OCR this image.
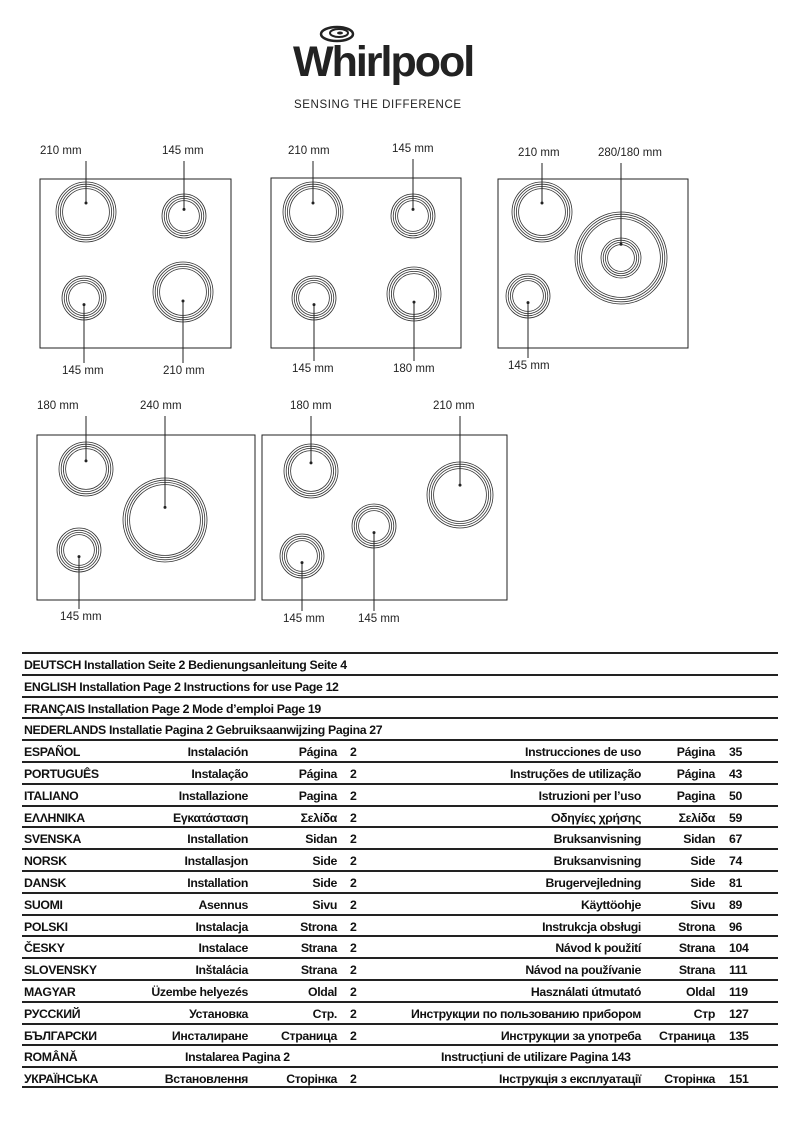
Whirlpool
SENSING THE DIFFERENCE
210 mm	145 mm
145 mm	210 mm
210 mm	145 mm
145 mm	180 mm
210 mm	280/180 mm
145 mm
180 mm	240 mm
145 mm
180 mm	210 mm
145 mm	145 mm
DEUTSCH Installation Seite 2 Bedienungsanleitung Seite 4
ENGLISH Installation Page 2 Instructions for use Page 12
FRANÇAIS Installation Page 2 Mode d’emploi Page 19
NEDERLANDS Installatie Pagina 2 Gebruiksaanwijzing Pagina 27
ESPAÑOL	Instalación	Página 2	Instrucciones de uso	Página 35
PORTUGUÊS	Instalação	Página 2	Instruções de utilização	Página 43
ITALIANO	Installazione	Pagina 2	Istruzioni per l’uso	Pagina 50
ΕΛΛΗΝΙΚΑ	Εγκατάσταση	Σελίδα 2	Οδηγίες χρήσης	Σελίδα 59
SVENSKA	Installation	Sidan 2	Bruksanvisning	Sidan 67
NORSK	Installasjon	Side 2	Bruksanvisning	Side 74
DANSK	Installation	Side 2	Brugervejledning	Side 81
SUOMI	Asennus	Sivu 2	Käyttöohje	Sivu 89
POLSKI	Instalacja	Strona 2	Instrukcja obsługi	Strona 96
ČESKY	Instalace	Strana 2	Návod k použití	Strana 104
SLOVENSKY	Inštalácia	Strana 2	Návod na používanie	Strana 111
MAGYAR	Üzembe helyezés	Oldal 2	Használati útmutató	Oldal 119
РУССКИЙ	Установка	Стр. 2	Инструкции по пользованию прибором	Стр 127
БЪЛГАРСКИ	Инсталиране	Страница 2	Инструкции за употреба Страница 135
ROMÂNĂ	Instalarea Pagina 2	Instrucțiuni de utilizare Pagina 143
УКРАЇНСЬКА	Встановлення	Сторінка 2	Інструкція з експлуатації Сторінка 151
